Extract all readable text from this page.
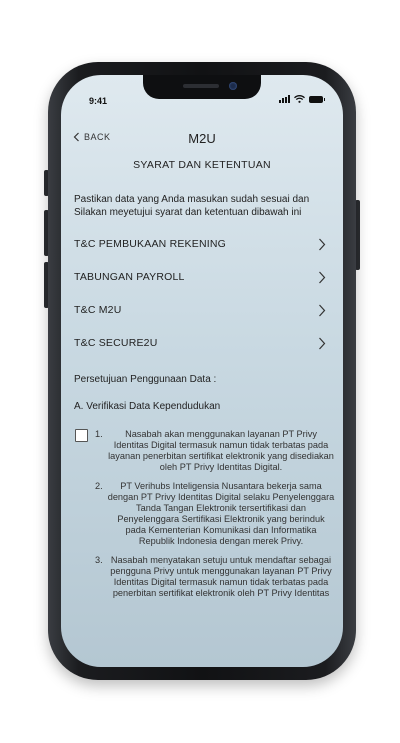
9:41
BACK	M2U
SYARAT DAN KETENTUAN
Pastikan data yang Anda masukan sudah sesuai dan Silakan meyetujui syarat dan ketentuan dibawah ini
T&C PEMBUKAAN REKENING
TABUNGAN PAYROLL
T&C M2U
T&C SECURE2U
Persetujuan Penggunaan Data :
A. Verifikasi Data Kependudukan
1.	Nasabah akan menggunakan layanan PT Privy Identitas Digital termasuk namun tidak terbatas pada layanan penerbitan sertifikat elektronik yang disediakan oleh PT Privy Identitas Digital.
2.	PT Verihubs Inteligensia Nusantara bekerja sama dengan PT Privy Identitas Digital selaku Penyelenggara Tanda Tangan Elektronik tersertifikasi dan Penyelenggara Sertifikasi Elektronik yang berinduk pada Kementerian Komunikasi dan Informatika Republik Indonesia dengan merek Privy.
3. Nasabah menyatakan setuju untuk mendaftar sebagai pengguna Privy untuk menggunakan layanan PT Privy Identitas Digital termasuk namun tidak terbatas pada penerbitan sertifikat elektronik oleh PT Privy Identitas
